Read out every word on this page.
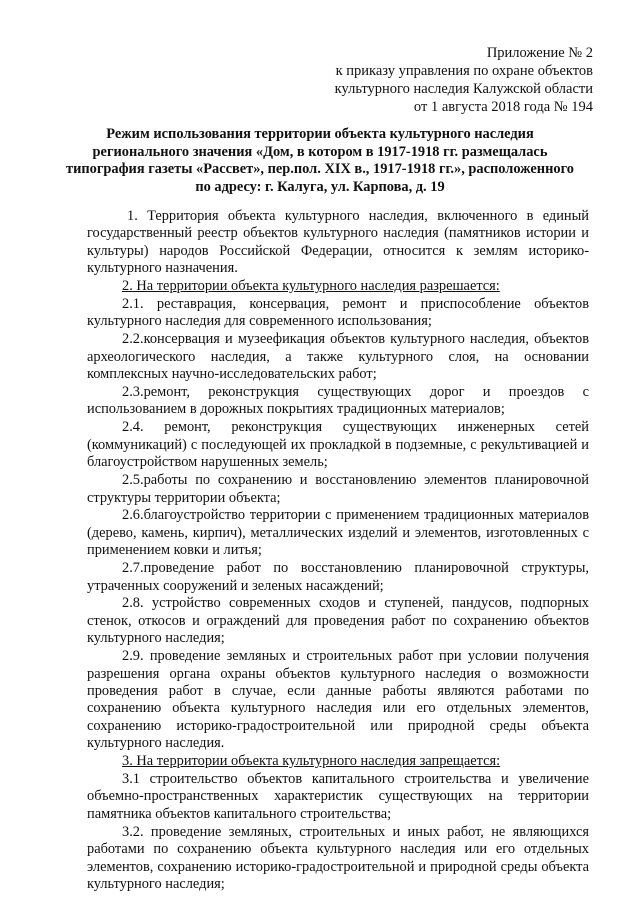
Приложение № 2
к приказу управления по охране объектов
культурного наследия Калужской области
от 1 августа 2018 года № 194
Режим использования территории объекта культурного наследия
регионального значения «Дом, в котором в 1917-1918 гг. размещалась
типография газеты «Рассвет», пер.пол. XIX в., 1917-1918 гг.», расположенного
по адресу: г. Калуга, ул. Карпова, д. 19

1. Территория объекта культурного наследия, включенного в единый государственный реестр объектов культурного наследия (памятников истории и культуры) народов Российской Федерации, относится к землям историко-культурного назначения.

2. На территории объекта культурного наследия разрешается:

2.1. реставрация, консервация, ремонт и приспособление объектов культурного наследия для современного использования;

2.2.консервация и музеефикация объектов культурного наследия, объектов археологического наследия, а также культурного слоя, на основании комплексных научно-исследовательских работ;

2.3.ремонт, реконструкция существующих дорог и проездов с использованием в дорожных покрытиях традиционных материалов;

2.4. ремонт, реконструкция существующих инженерных сетей (коммуникаций) с последующей их прокладкой в подземные, с рекультивацией и благоустройством нарушенных земель;

2.5.работы по сохранению и восстановлению элементов планировочной структуры территории объекта;

2.6.благоустройство территории с применением традиционных материалов (дерево, камень, кирпич), металлических изделий и элементов, изготовленных с применением ковки и литья;

2.7.проведение работ по восстановлению планировочной структуры, утраченных сооружений и зеленых насаждений;

2.8. устройство современных сходов и ступеней, пандусов, подпорных стенок, откосов и ограждений для проведения работ по сохранению объектов культурного наследия;

2.9. проведение земляных и строительных работ при условии получения разрешения органа охраны объектов культурного наследия о возможности проведения работ в случае, если данные работы являются работами по сохранению объекта культурного наследия или его отдельных элементов, сохранению историко-градостроительной или природной среды объекта культурного наследия.

3. На территории объекта культурного наследия запрещается:

3.1 строительство объектов капитального строительства и увеличение объемно-пространственных характеристик существующих на территории памятника объектов капитального строительства;

3.2. проведение земляных, строительных и иных работ, не являющихся работами по сохранению объекта культурного наследия или его отдельных элементов, сохранению историко-градостроительной и природной среды объекта культурного наследия;
